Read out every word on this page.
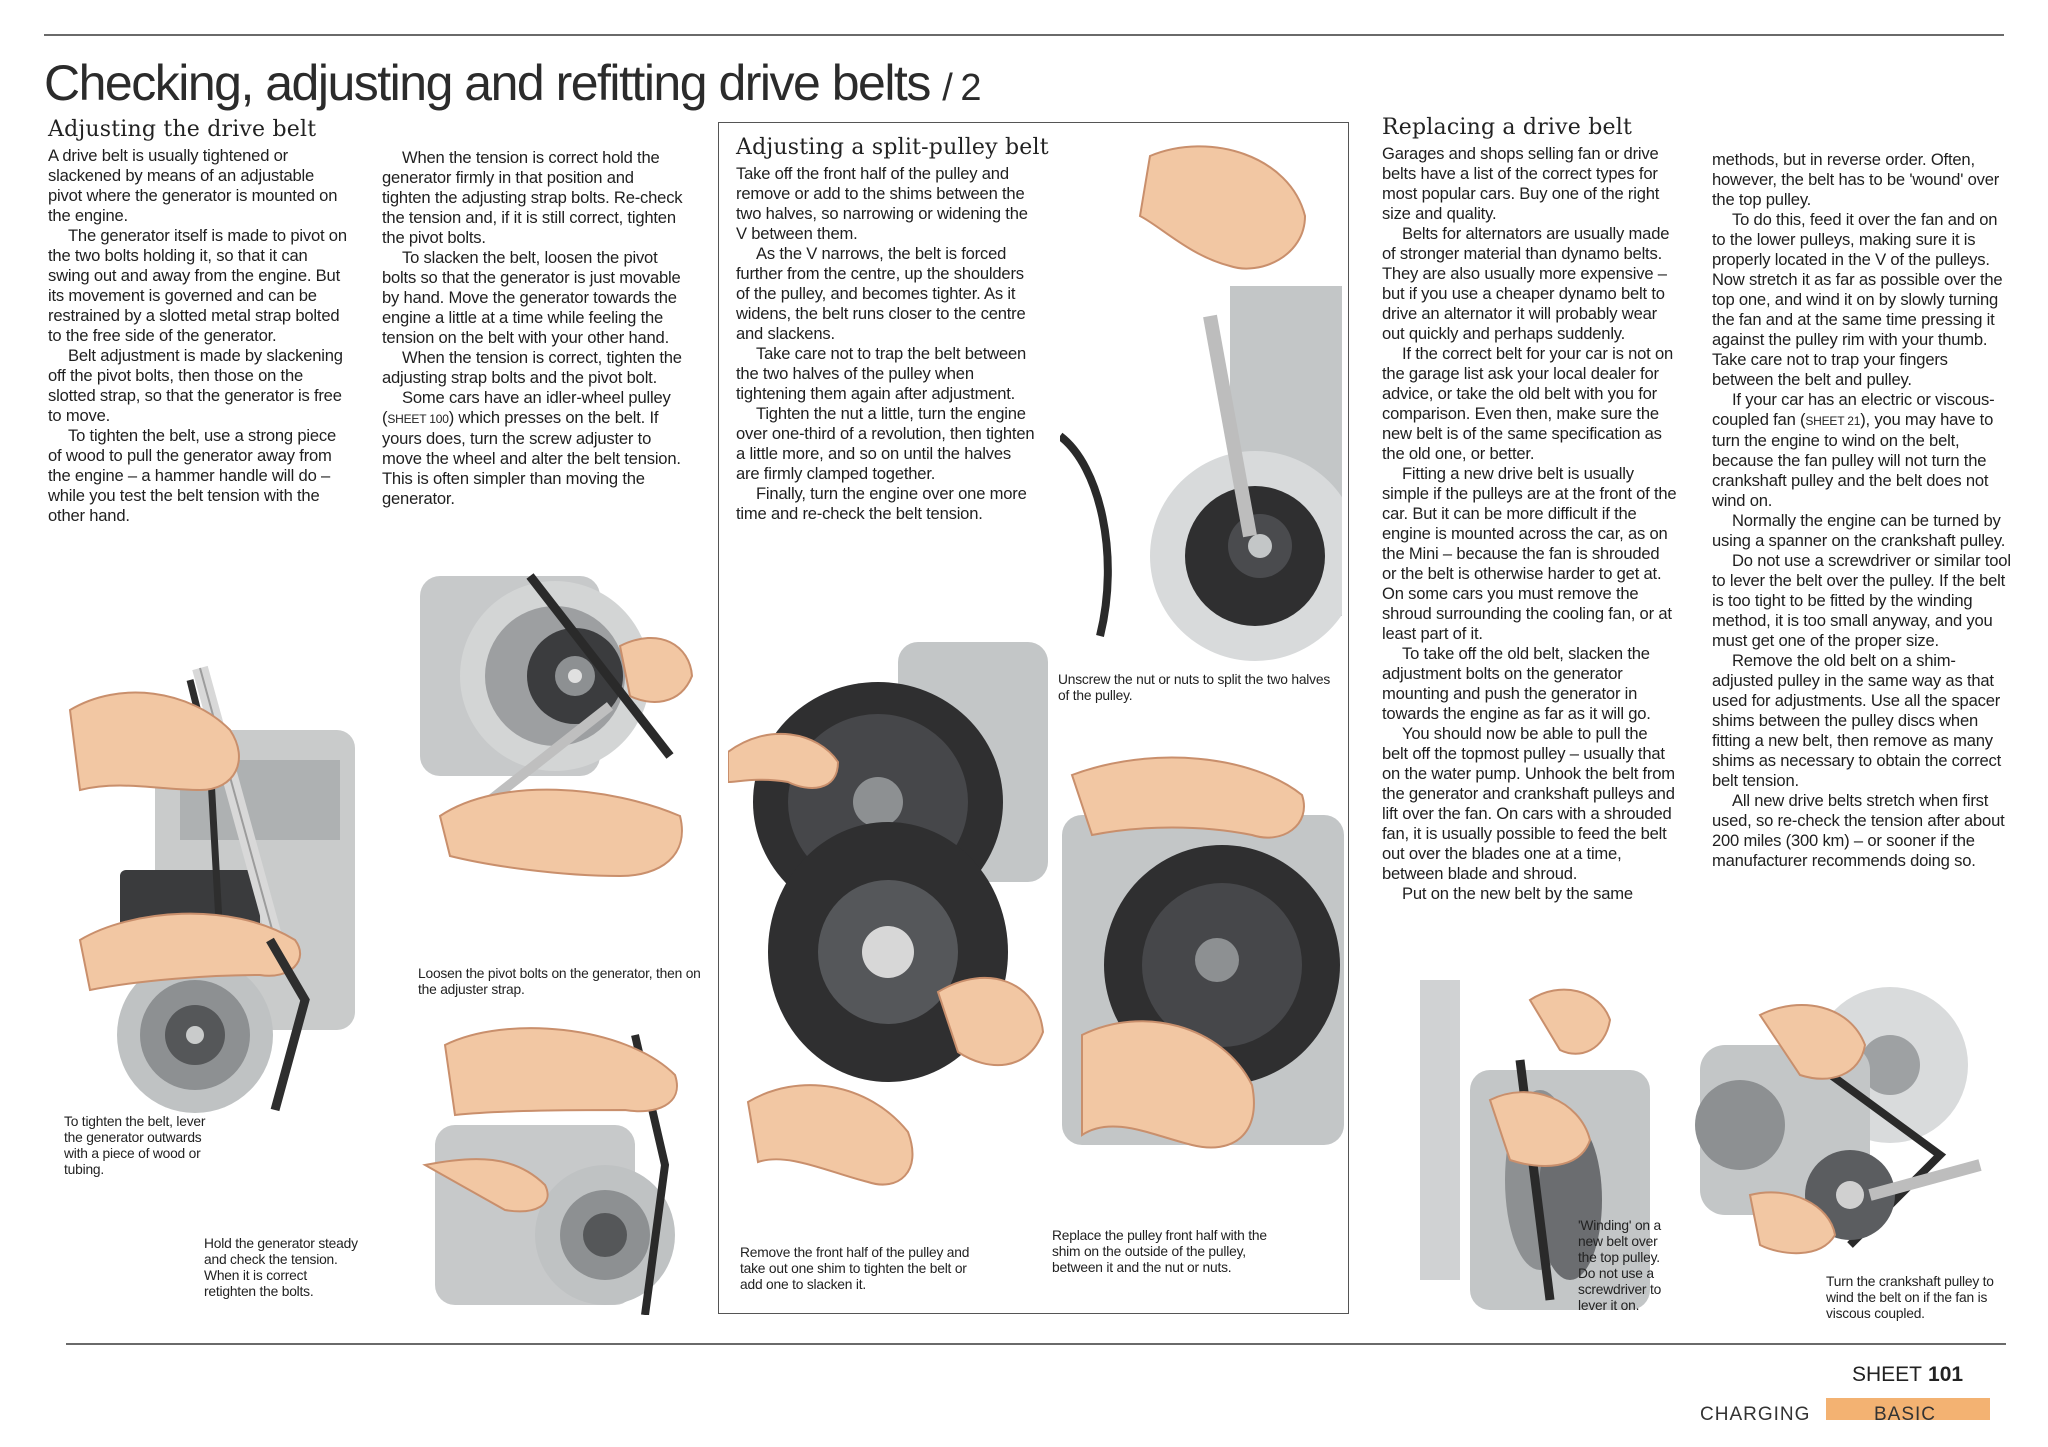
Checking, adjusting and refitting drive belts / 2
Adjusting the drive belt

A drive belt is usually tightened or slackened by means of an adjustable pivot where the generator is mounted on the engine.

The generator itself is made to pivot on the two bolts holding it, so that it can swing out and away from the engine. But its movement is governed and can be restrained by a slotted metal strap bolted to the free side of the generator.

Belt adjustment is made by slackening off the pivot bolts, then those on the slotted strap, so that the generator is free to move.

To tighten the belt, use a strong piece of wood to pull the generator away from the engine – a hammer handle will do – while you test the belt tension with the other hand.

When the tension is correct hold the generator firmly in that position and tighten the adjusting strap bolts. Re-check the tension and, if it is still correct, tighten the pivot bolts.

To slacken the belt, loosen the pivot bolts so that the generator is just movable by hand. Move the generator towards the engine a little at a time while feeling the tension on the belt with your other hand.

When the tension is correct, tighten the adjusting strap bolts and the pivot bolt.

Some cars have an idler-wheel pulley (SHEET 100) which presses on the belt. If yours does, turn the screw adjuster to move the wheel and alter the belt tension. This is often simpler than moving the generator.

Adjusting a split-pulley belt

Take off the front half of the pulley and remove or add to the shims between the two halves, so narrowing or widening the V between them.

As the V narrows, the belt is forced further from the centre, up the shoulders of the pulley, and becomes tighter. As it widens, the belt runs closer to the centre and slackens.

Take care not to trap the belt between the two halves of the pulley when tightening them again after adjustment.

Tighten the nut a little, turn the engine over one-third of a revolution, then tighten a little more, and so on until the halves are firmly clamped together.

Finally, turn the engine over one more time and re-check the belt tension.

Replacing a drive belt

Garages and shops selling fan or drive belts have a list of the correct types for most popular cars. Buy one of the right size and quality.

Belts for alternators are usually made of stronger material than dynamo belts. They are also usually more expensive – but if you use a cheaper dynamo belt to drive an alternator it will probably wear out quickly and perhaps suddenly.

If the correct belt for your car is not on the garage list ask your local dealer for advice, or take the old belt with you for comparison. Even then, make sure the new belt is of the same specification as the old one, or better.

Fitting a new drive belt is usually simple if the pulleys are at the front of the car. But it can be more difficult if the engine is mounted across the car, as on the Mini – because the fan is shrouded or the belt is otherwise harder to get at. On some cars you must remove the shroud surrounding the cooling fan, or at least part of it.

To take off the old belt, slacken the adjustment bolts on the generator mounting and push the generator in towards the engine as far as it will go.

You should now be able to pull the belt off the topmost pulley – usually that on the water pump. Unhook the belt from the generator and crankshaft pulleys and lift over the fan. On cars with a shrouded fan, it is usually possible to feed the belt out over the blades one at a time, between blade and shroud.

Put on the new belt by the same

methods, but in reverse order. Often, however, the belt has to be 'wound' over the top pulley.

To do this, feed it over the fan and on to the lower pulleys, making sure it is properly located in the V of the pulleys. Now stretch it as far as possible over the top one, and wind it on by slowly turning the fan and at the same time pressing it against the pulley rim with your thumb. Take care not to trap your fingers between the belt and pulley.

If your car has an electric or viscous-coupled fan (SHEET 21), you may have to turn the engine to wind on the belt, because the fan pulley will not turn the crankshaft pulley and the belt does not wind on.

Normally the engine can be turned by using a spanner on the crankshaft pulley.

Do not use a screwdriver or similar tool to lever the belt over the pulley. If the belt is too tight to be fitted by the winding method, it is too small anyway, and you must get one of the proper size.

Remove the old belt on a shim-adjusted pulley in the same way as that used for adjustments. Use all the spacer shims between the pulley discs when fitting a new belt, then remove as many shims as necessary to obtain the correct belt tension.

All new drive belts stretch when first used, so re-check the tension after about 200 miles (300 km) – or sooner if the manufacturer recommends doing so.

To tighten the belt, lever the generator outwards with a piece of wood or tubing.
Hold the generator steady and check the tension. When it is correct retighten the bolts.
Loosen the pivot bolts on the generator, then on the adjuster strap.
Remove the front half of the pulley and take out one shim to tighten the belt or add one to slacken it.
Unscrew the nut or nuts to split the two halves of the pulley.
Replace the pulley front half with the shim on the outside of the pulley, between it and the nut or nuts.
'Winding' on a new belt over the top pulley. Do not use a screwdriver to lever it on.
Turn the crankshaft pulley to wind the belt on if the fan is viscous coupled.
SHEET 101
CHARGING	BASIC
